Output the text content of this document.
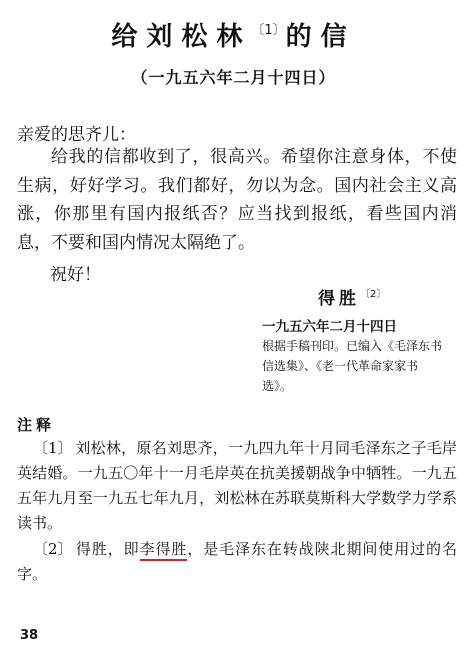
给刘松林$^{〔1〕}$的信
（一九五六年二月十四日）
亲爱的思齐儿：
给我的信都收到了，很高兴。希望你注意身体，不使生病，好好学习。我们都好，勿以为念。国内社会主义高涨，你那里有国内报纸否？应当找到报纸，看些国内消息，不要和国内情况太隔绝了。
祝好！
得胜$^{〔2〕}$
一九五六年二月十四日
根据手稿刊印。已编入《毛泽东书信选集》、《老一代革命家家书选》。
注释
〔1〕 刘松林，原名刘思齐，一九四九年十月同毛泽东之子毛岸英结婚。一九五〇年十一月毛岸英在抗美援朝战争中牺牲。一九五五年九月至一九五七年九月，刘松林在苏联莫斯科大学数学力学系读书。
〔2〕 得胜，即李得胜，是毛泽东在转战陕北期间使用过的名字。
38
